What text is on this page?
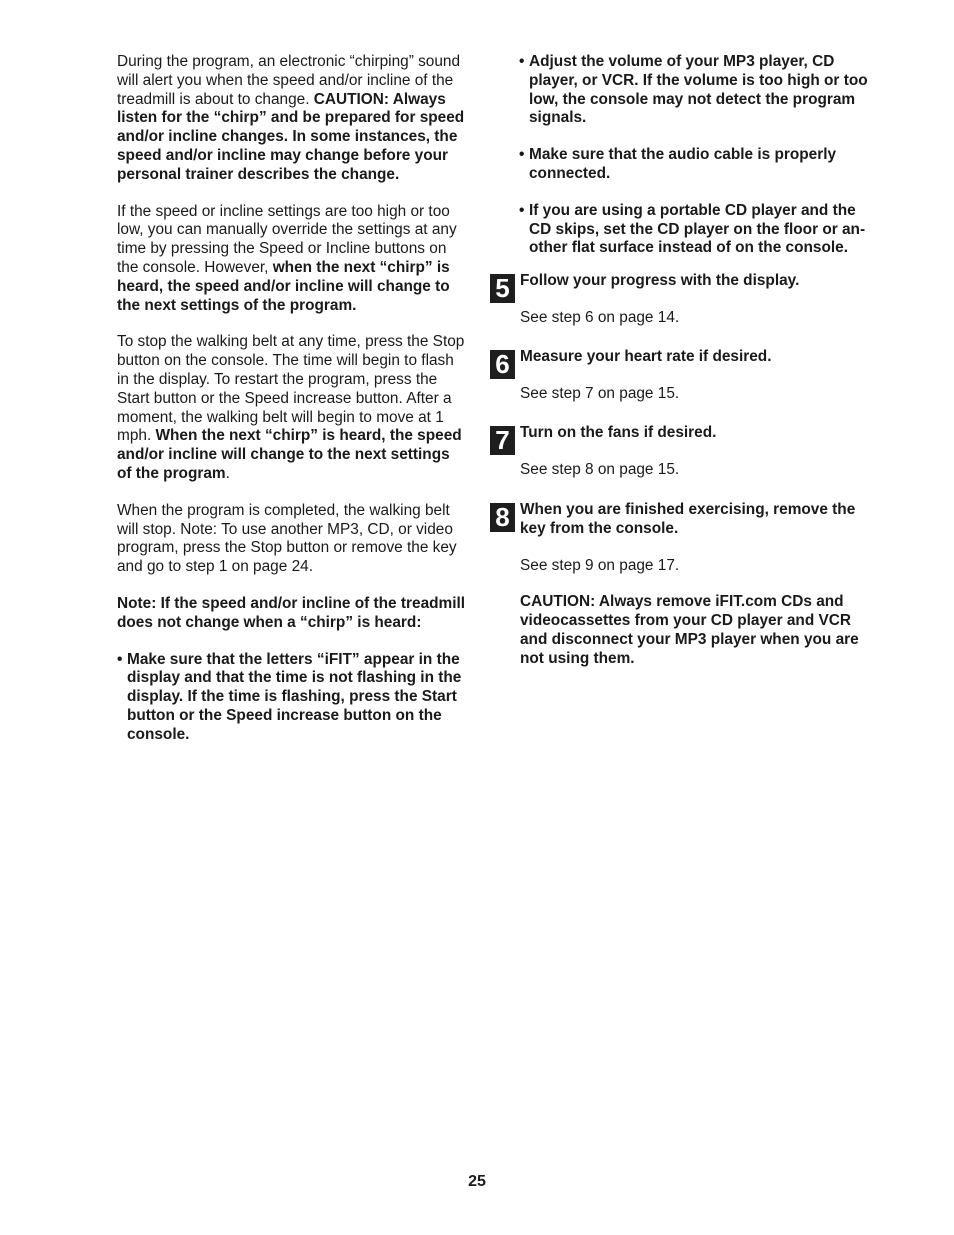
During the program, an electronic “chirping” sound will alert you when the speed and/or incline of the treadmill is about to change. CAUTION: Always listen for the “chirp” and be prepared for speed and/or incline changes. In some instances, the speed and/or incline may change before your personal trainer describes the change.

If the speed or incline settings are too high or too low, you can manually override the settings at any time by pressing the Speed or Incline buttons on the console. However, when the next “chirp” is heard, the speed and/or incline will change to the next settings of the program.

To stop the walking belt at any time, press the Stop button on the console. The time will begin to flash in the display. To restart the program, press the Start button or the Speed increase button. After a moment, the walking belt will begin to move at 1 mph. When the next “chirp” is heard, the speed and/or incline will change to the next settings of the program.

When the program is completed, the walking belt will stop. Note: To use another MP3, CD, or video program, press the Stop button or remove the key and go to step 1 on page 24.

Note: If the speed and/or incline of the treadmill does not change when a “chirp” is heard:

• Make sure that the letters “iFIT” appear in the display and that the time is not flashing in the display. If the time is flashing, press the Start button or the Speed increase button on the console.
• Adjust the volume of your MP3 player, CD player, or VCR. If the volume is too high or too low, the console may not detect the program signals.
• Make sure that the audio cable is properly connected.
• If you are using a portable CD player and the CD skips, set the CD player on the floor or an-other flat surface instead of on the console.
5 Follow your progress with the display.

See step 6 on page 14.

6 Measure your heart rate if desired.

See step 7 on page 15.

7 Turn on the fans if desired.

See step 8 on page 15.

8 When you are finished exercising, remove the key from the console.

See step 9 on page 17.

CAUTION: Always remove iFIT.com CDs and videocassettes from your CD player and VCR and disconnect your MP3 player when you are not using them.

25
